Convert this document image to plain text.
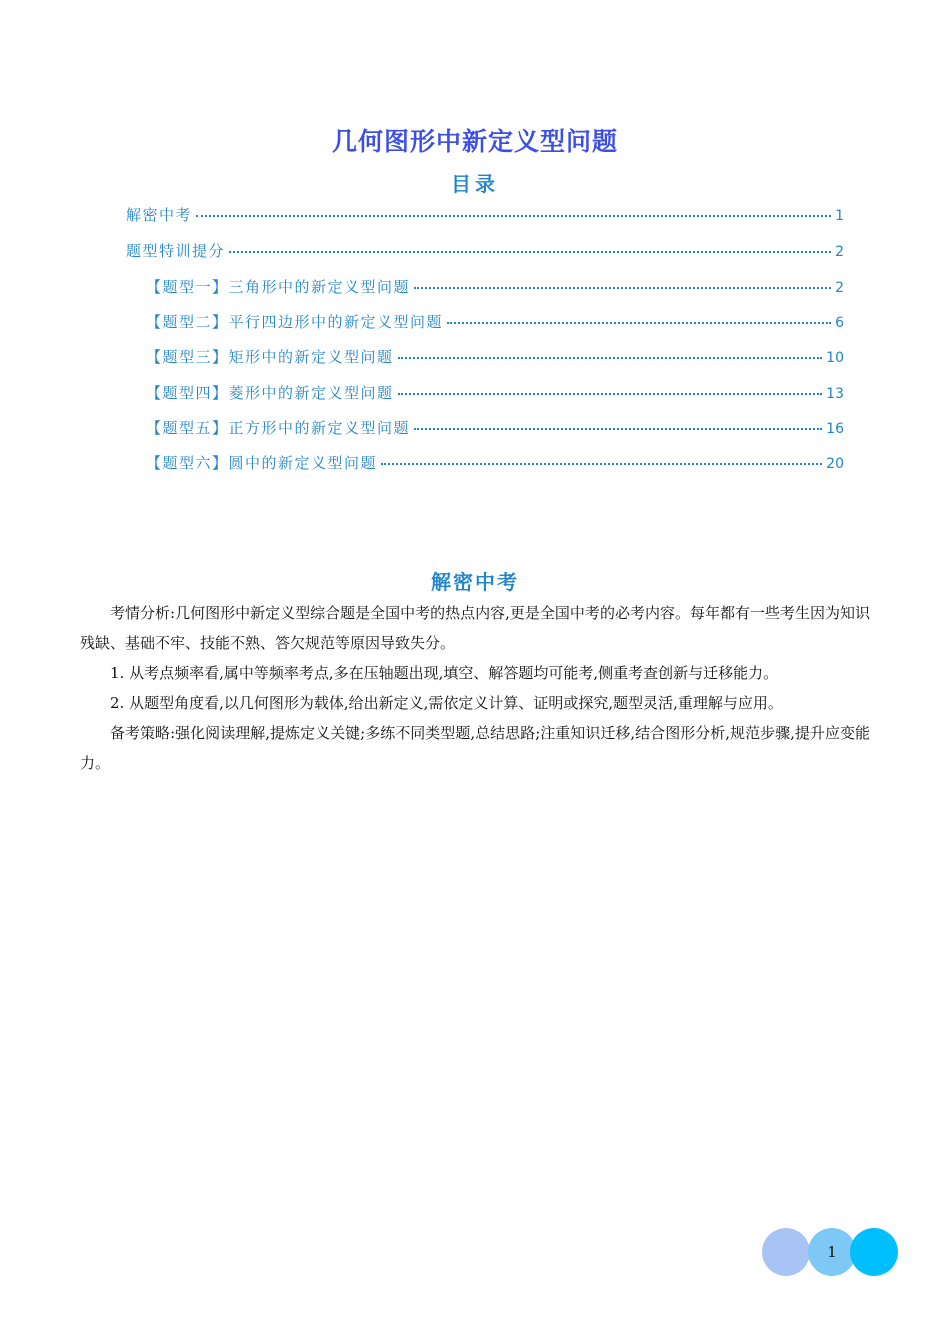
几何图形中新定义型问题
目录
解密中考	1
题型特训提分	2
【题型一】三角形中的新定义型问题	2
【题型二】平行四边形中的新定义型问题	6
【题型三】矩形中的新定义型问题	10
【题型四】菱形中的新定义型问题	13
【题型五】正方形中的新定义型问题	16
【题型六】圆中的新定义型问题	20
解密中考

考情分析:几何图形中新定义型综合题是全国中考的热点内容,更是全国中考的必考内容。每年都有一些考生因为知识残缺、基础不牢、技能不熟、答欠规范等原因导致失分。

1. 从考点频率看,属中等频率考点,多在压轴题出现,填空、解答题均可能考,侧重考查创新与迁移能力。

2. 从题型角度看,以几何图形为载体,给出新定义,需依定义计算、证明或探究,题型灵活,重理解与应用。

备考策略:强化阅读理解,提炼定义关键;多练不同类型题,总结思路;注重知识迁移,结合图形分析,规范步骤,提升应变能力。

1
